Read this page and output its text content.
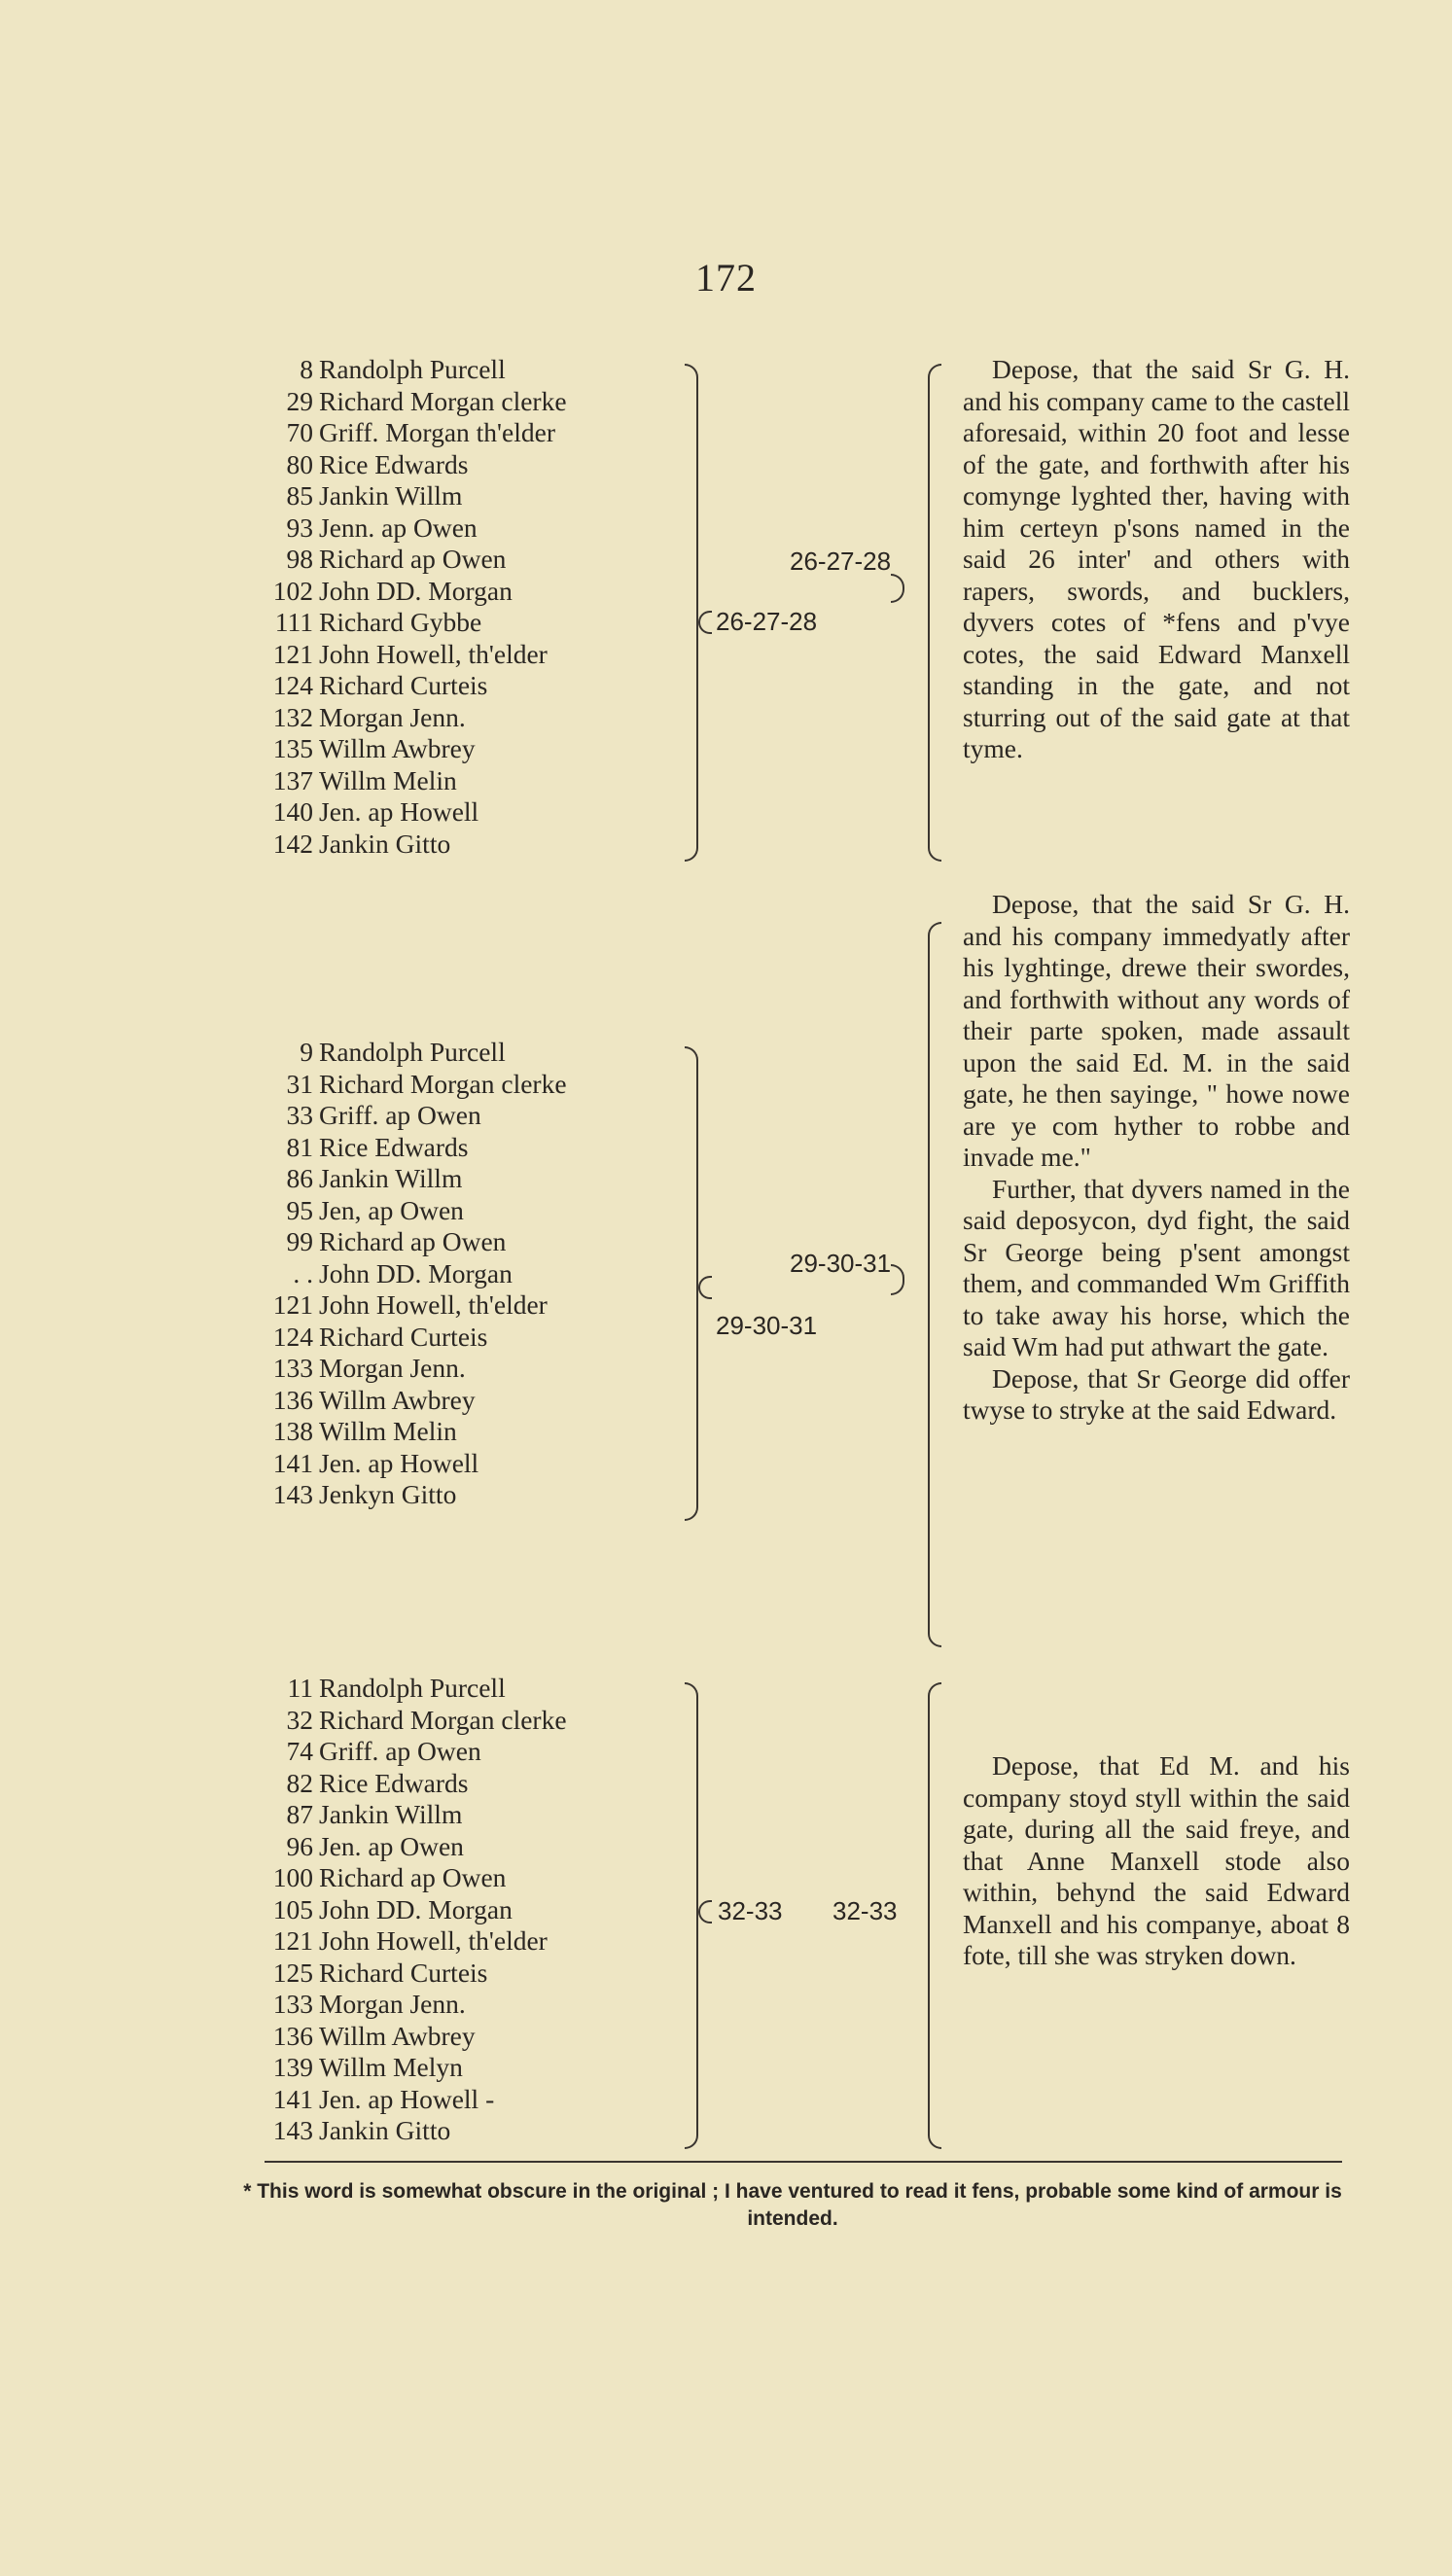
172
8 Randolph Purcell
29 Richard Morgan clerke
70 Griff. Morgan th'elder
80 Rice Edwards
85 Jankin Willm
93 Jenn. ap Owen
98 Richard ap Owen
102 John DD. Morgan
111 Richard Gybbe
121 John Howell, th'elder
124 Richard Curteis
132 Morgan Jenn.
135 Willm Awbrey
137 Willm Melin
140 Jen. ap Howell
142 Jankin Gitto
26-27-28
26-27-28

Depose, that the said Sr G. H. and his company came to the castell aforesaid, within 20 foot and lesse of the gate, and forthwith after his comynge lyghted ther, having with him certeyn p'sons named in the said 26 inter' and others with rapers, swords, and bucklers, dyvers cotes of *fens and p'vye cotes, the said Edward Manxell standing in the gate, and not sturring out of the said gate at that tyme.

9 Randolph Purcell
31 Richard Morgan clerke
33 Griff. ap Owen
81 Rice Edwards
86 Jankin Willm
95 Jen, ap Owen
99 Richard ap Owen
. . John DD. Morgan
121 John Howell, th'elder
124 Richard Curteis
133 Morgan Jenn.
136 Willm Awbrey
138 Willm Melin
141 Jen. ap Howell
143 Jenkyn Gitto
29-30-31
29-30-31

Depose, that the said Sr G. H. and his company immedyatly after his lyghtinge, drewe their swordes, and forthwith without any words of their parte spoken, made assault upon the said Ed. M. in the said gate, he then sayinge, " howe nowe are ye com hyther to robbe and invade me."

Further, that dyvers named in the said deposycon, dyd fight, the said Sr George being p'sent amongst them, and commanded Wm Griffith to take away his horse, which the said Wm had put athwart the gate.

Depose, that Sr George did offer twyse to stryke at the said Edward.

11 Randolph Purcell
32 Richard Morgan clerke
74 Griff. ap Owen
82 Rice Edwards
87 Jankin Willm
96 Jen. ap Owen
100 Richard ap Owen
105 John DD. Morgan
121 John Howell, th'elder
125 Richard Curteis
133 Morgan Jenn.
136 Willm Awbrey
139 Willm Melyn
141 Jen. ap Howell -
143 Jankin Gitto
32-33 32-33

Depose, that Ed M. and his company stoyd styll within the said gate, during all the said freye, and that Anne Manxell stode also within, behynd the said Edward Manxell and his companye, aboat 8 fote, till she was stryken down.

* This word is somewhat obscure in the original ; I have ventured to read it fens, probable some kind of armour is intended.
